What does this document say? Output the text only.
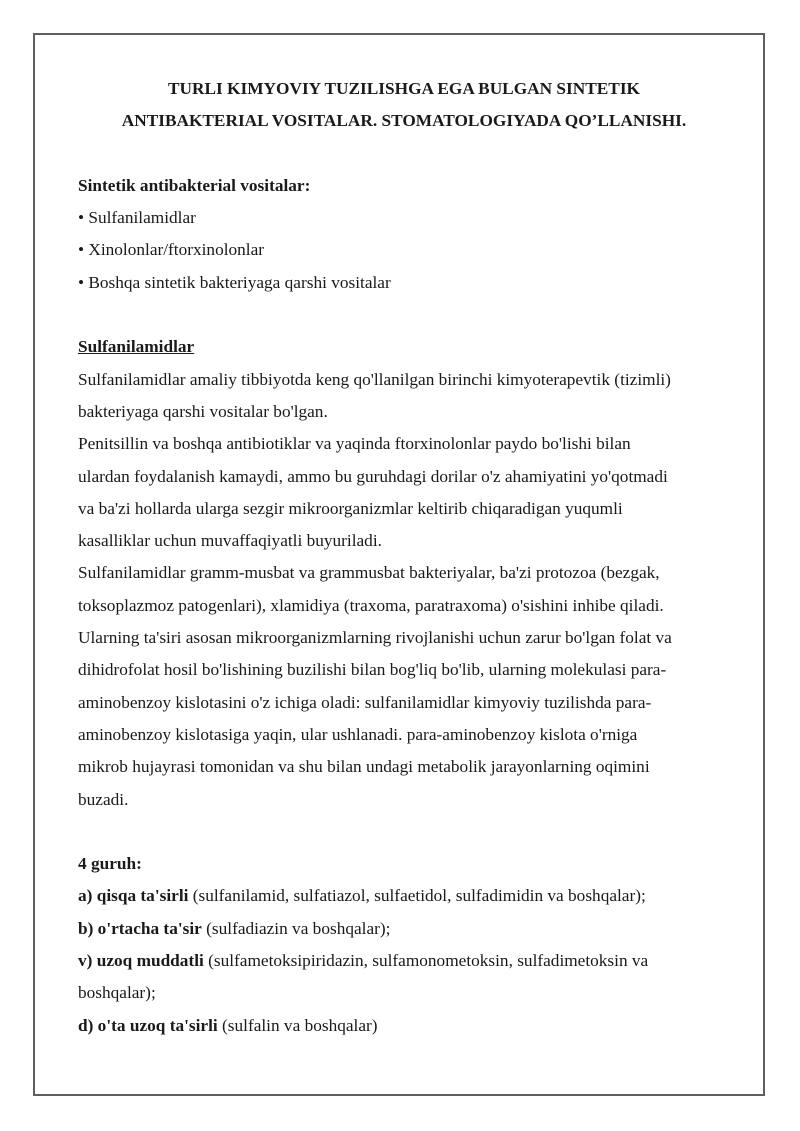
TURLI KIMYOVIY TUZILISHGA EGA BULGAN SINTETIK
ANTIBAKTERIAL VOSITALAR. STOMATOLOGIYADA QO’LLANISHI.

Sintetik antibakterial vositalar:

• Sulfanilamidlar

• Xinolonlar/ftorxinolonlar

• Boshqa sintetik bakteriyaga qarshi vositalar

Sulfanilamidlar

Sulfanilamidlar amaliy tibbiyotda keng qo'llanilgan birinchi kimyoterapevtik (tizimli)
bakteriyaga qarshi vositalar bo'lgan.

Penitsillin va boshqa antibiotiklar va yaqinda ftorxinolonlar paydo bo'lishi bilan
ulardan foydalanish kamaydi, ammo bu guruhdagi dorilar o'z ahamiyatini yo'qotmadi
va ba'zi hollarda ularga sezgir mikroorganizmlar keltirib chiqaradigan yuqumli
kasalliklar uchun muvaffaqiyatli buyuriladi.

Sulfanilamidlar gramm-musbat va grammusbat bakteriyalar, ba'zi protozoa (bezgak,
toksoplazmoz patogenlari), xlamidiya (traxoma, paratraxoma) o'sishini inhibe qiladi.
Ularning ta'siri asosan mikroorganizmlarning rivojlanishi uchun zarur bo'lgan folat va
dihidrofolat hosil bo'lishining buzilishi bilan bog'liq bo'lib, ularning molekulasi para-
aminobenzoy kislotasini o'z ichiga oladi: sulfanilamidlar kimyoviy tuzilishda para-
aminobenzoy kislotasiga yaqin, ular ushlanadi. para-aminobenzoy kislota o'rniga
mikrob hujayrasi tomonidan va shu bilan undagi metabolik jarayonlarning oqimini
buzadi.

4 guruh:

a) qisqa ta'sirli (sulfanilamid, sulfatiazol, sulfaetidol, sulfadimidin va boshqalar);

b) o'rtacha ta'sir (sulfadiazin va boshqalar);

v) uzoq muddatli (sulfametoksipiridazin, sulfamonometoksin, sulfadimetoksin va

boshqalar);

d) o'ta uzoq ta'sirli (sulfalin va boshqalar)
